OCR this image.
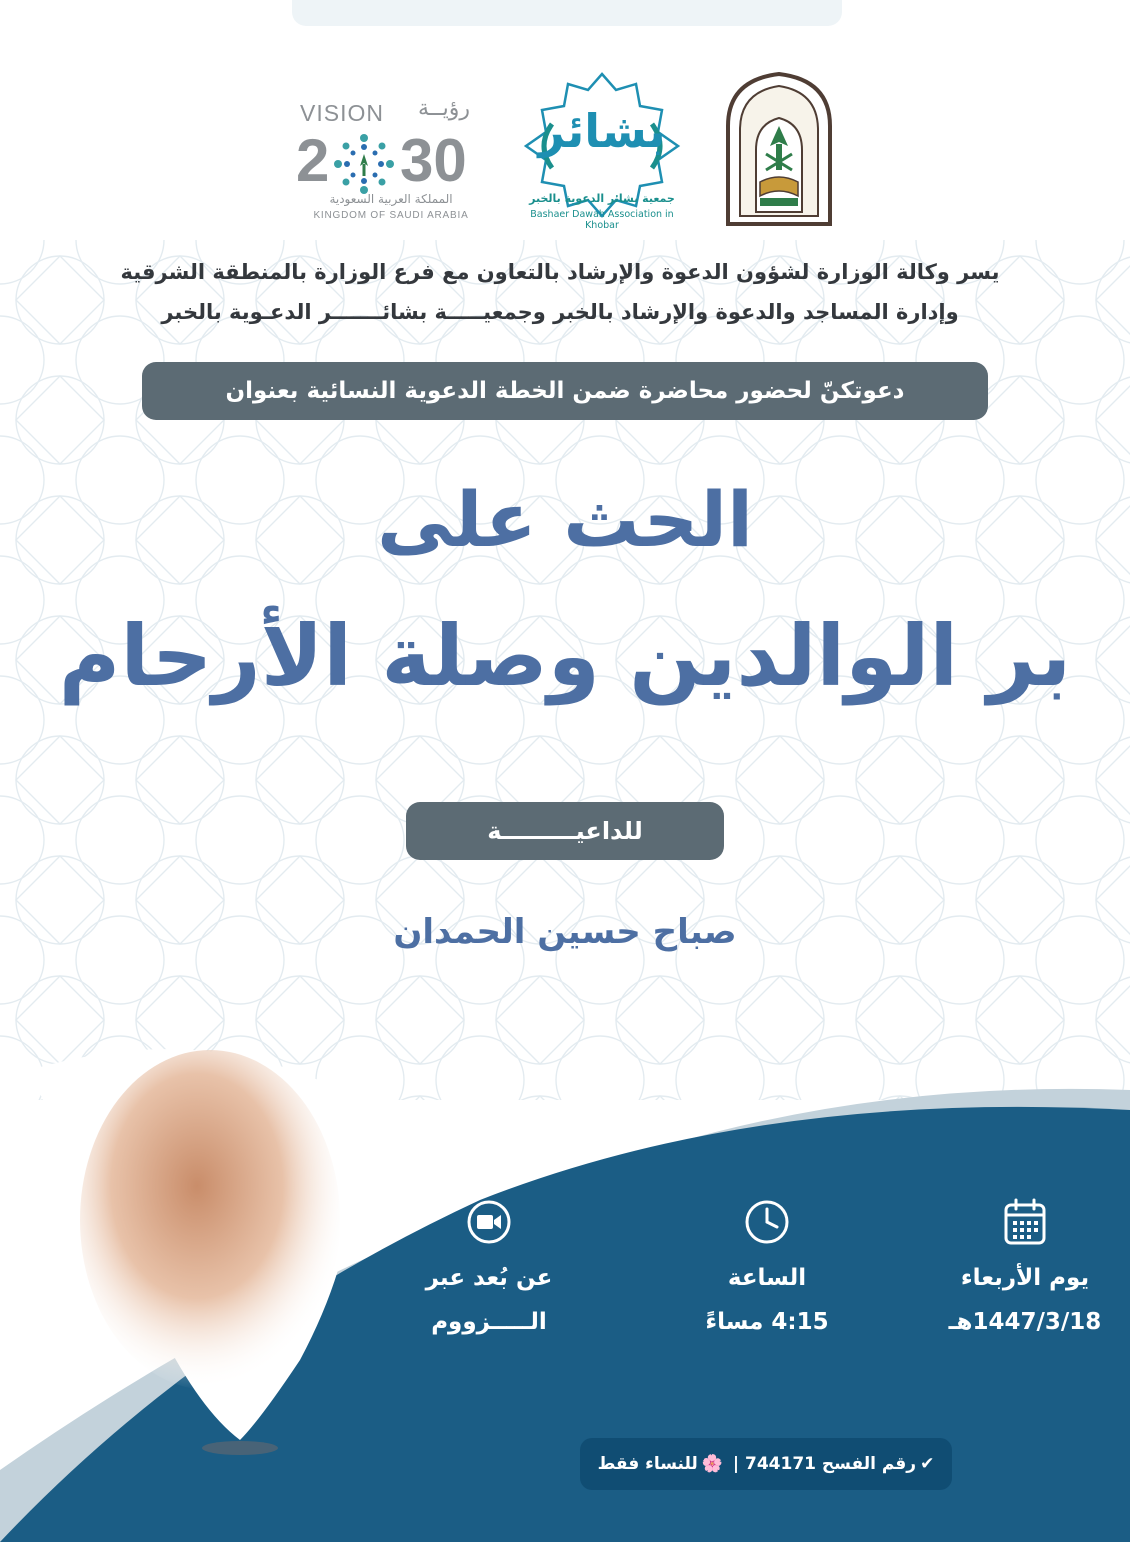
بشائر
جمعية بشائر الدعوية بالخبر
Bashaer Dawah Association in Khobar
VISION رؤيــة
2 30
المملكة العربية السعودية
KINGDOM OF SAUDI ARABIA
يسر وكالة الوزارة لشؤون الدعوة والإرشاد بالتعاون مع فرع الوزارة بالمنطقة الشرقية
وإدارة المساجد والدعوة والإرشاد بالخبر وجمعيـــــة بشائـــــــر الدعـوية بالخبر
دعوتكنّ لحضور محاضرة ضمن الخطة الدعوية النسائية بعنوان
الحث على
بر الوالدين وصلة الأرحام
للداعيـــــــــة
صباح حسين الحمدان
يوم الأربعاء
1447/3/18هـ
الساعة
4:15 مساءً
عن بُعد عبر
الـــــزووم
✔رقم الفسح 744171 | 🌸للنساء فقط
